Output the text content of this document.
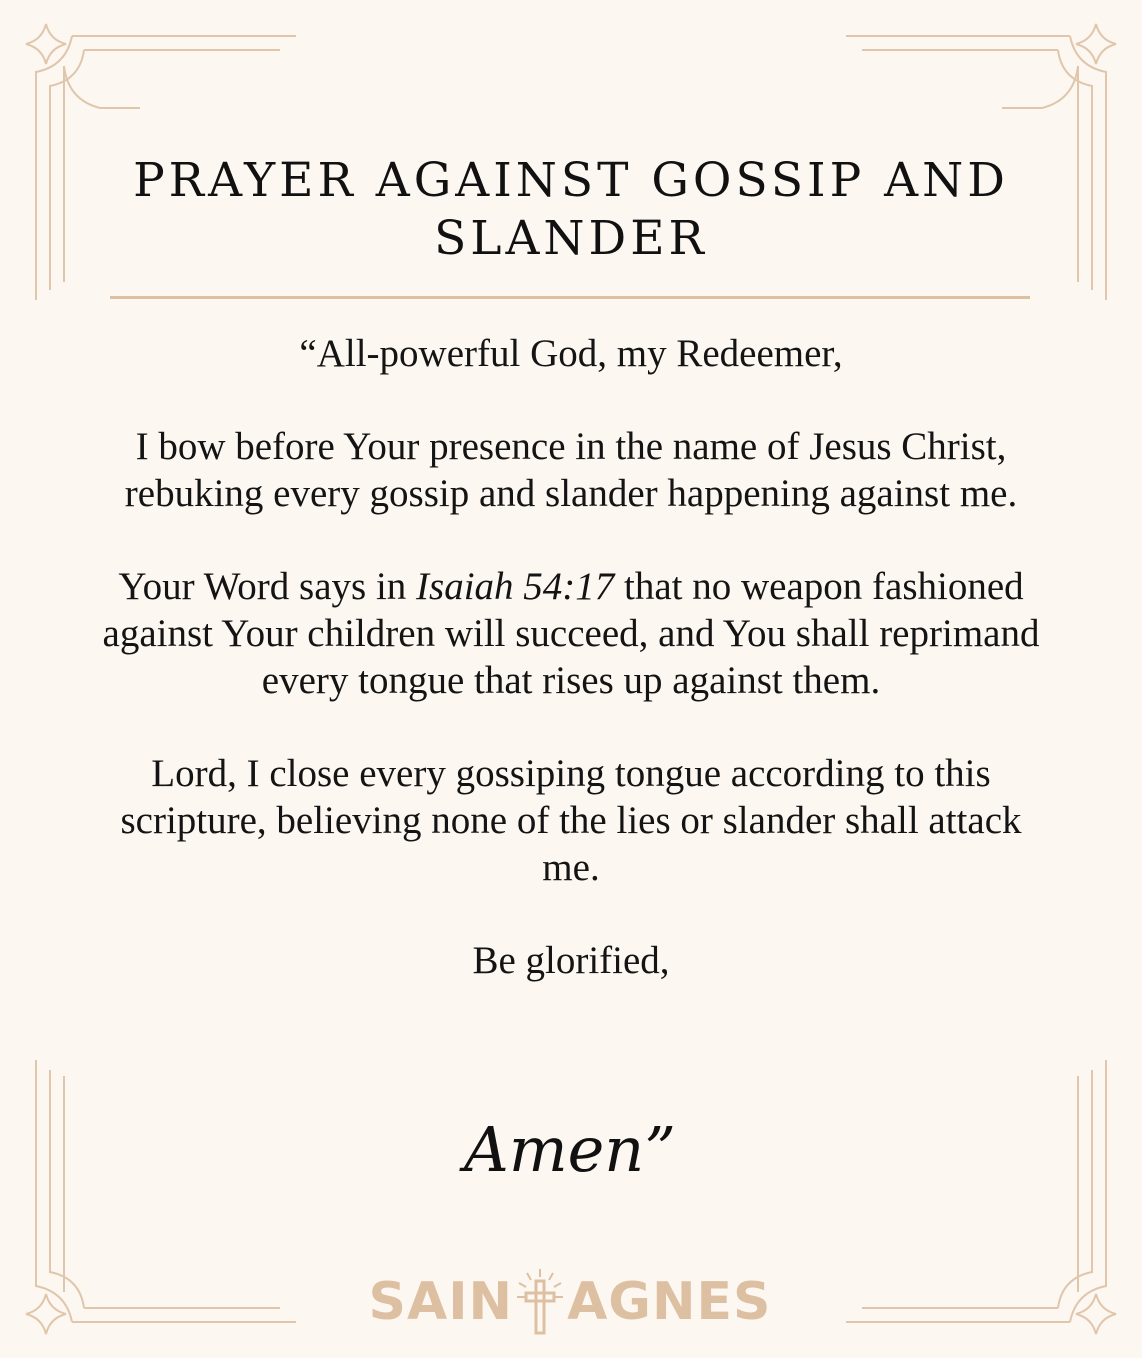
PRAYER AGAINST GOSSIP AND SLANDER

“All-powerful God, my Redeemer,

I bow before Your presence in the name of Jesus Christ, rebuking every gossip and slander happening against me.

Your Word says in Isaiah 54:17 that no weapon fashioned against Your children will succeed, and You shall reprimand every tongue that rises up against them.

Lord, I close every gossiping tongue according to this scripture, believing none of the lies or slander shall attack me.

Be glorified,

Amen”
SAIN AGNES
